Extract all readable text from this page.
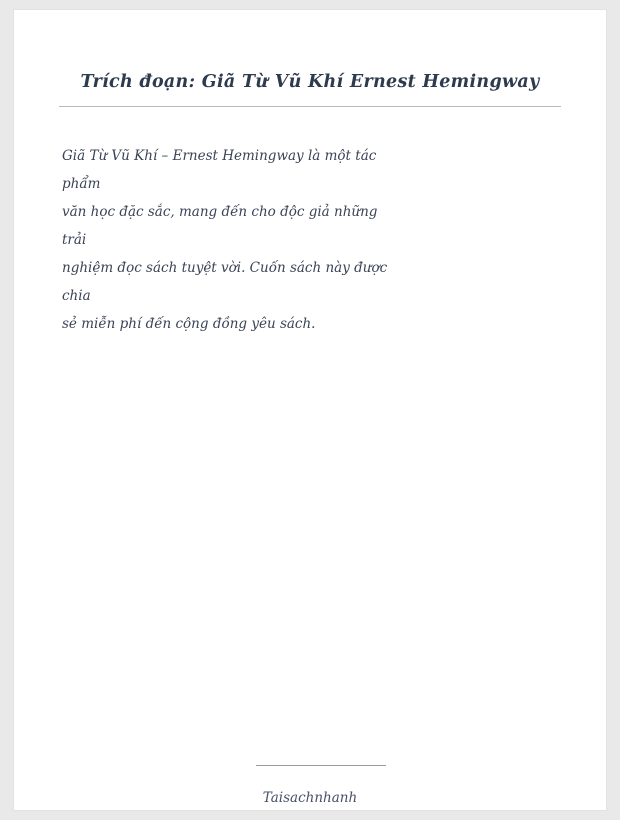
Trích đoạn: Giã Từ Vũ Khí Ernest Hemingway
Giã Từ Vũ Khí – Ernest Hemingway là một tác
phẩm
văn học đặc sắc, mang đến cho độc giả những
trải
nghiệm đọc sách tuyệt vời. Cuốn sách này được
chia
sẻ miễn phí đến cộng đồng yêu sách.
Taisachnhanh
